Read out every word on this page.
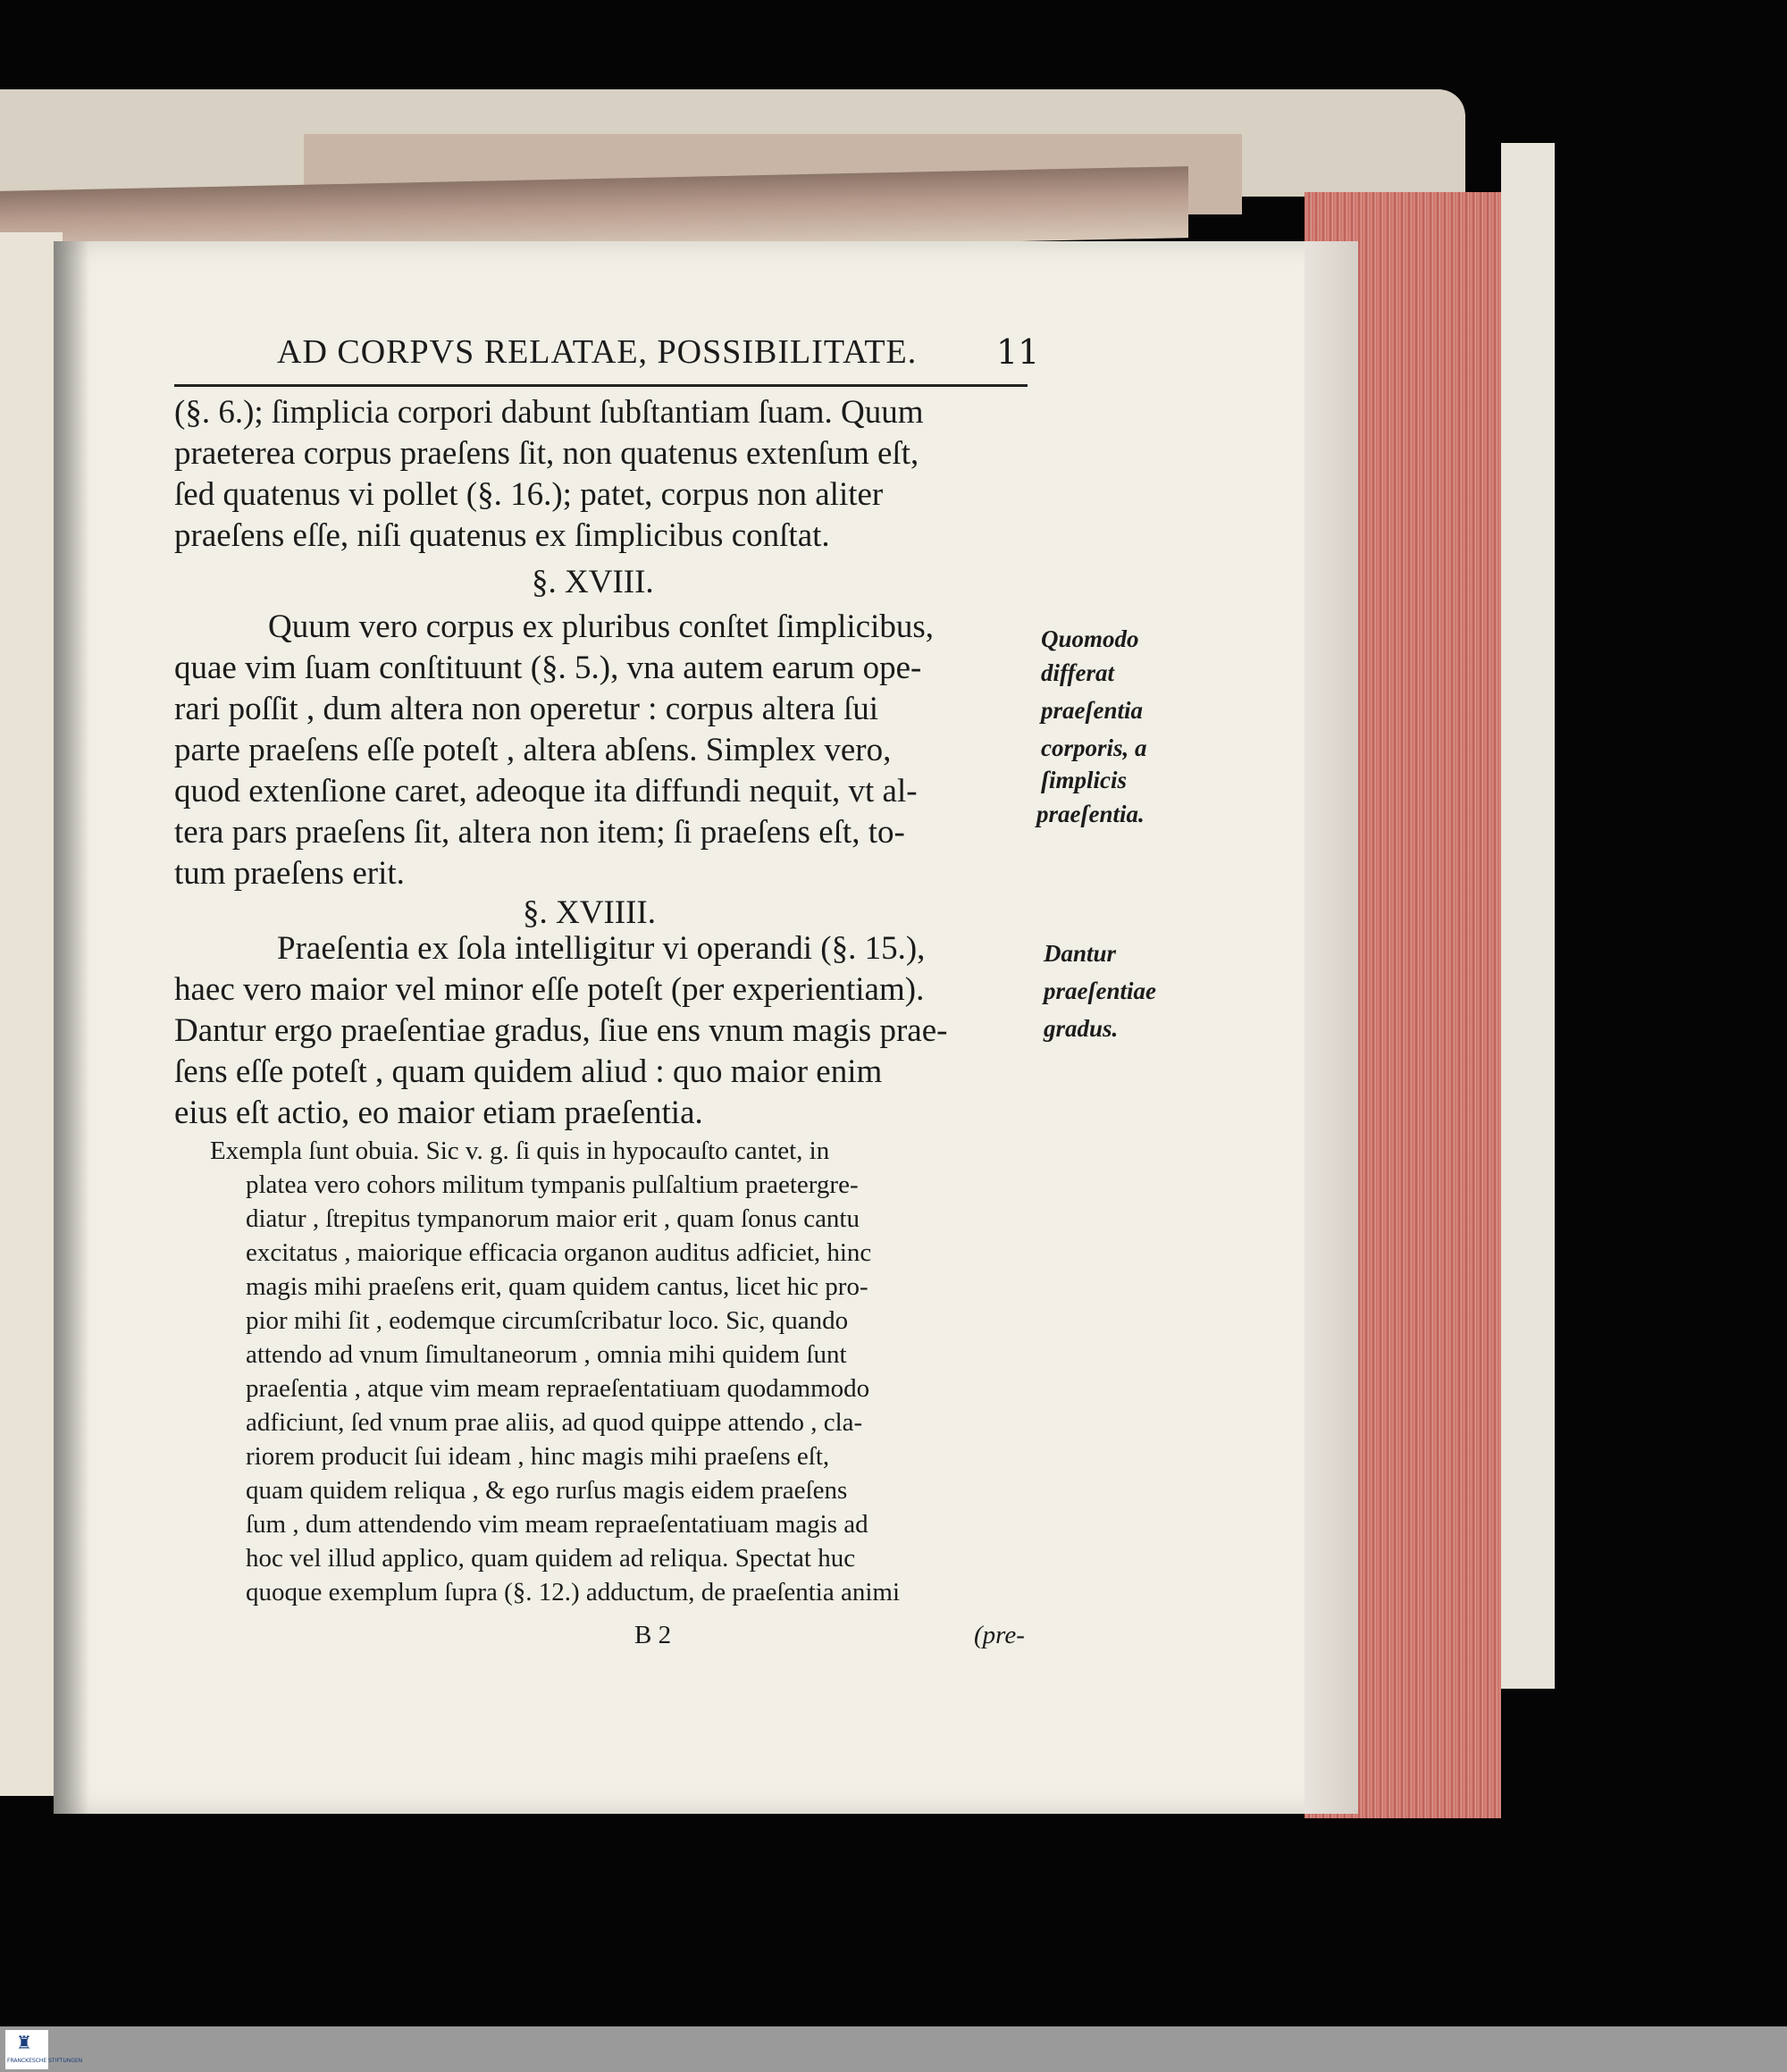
AD CORPVS RELATAE, POSSIBILITATE. 11
(§. 6.); ſimplicia corpori dabunt ſubſtantiam ſuam. Quum
praeterea corpus praeſens ſit, non quatenus extenſum eſt,
ſed quatenus vi pollet (§. 16.); patet, corpus non aliter
praeſens eſſe, niſi quatenus ex ſimplicibus conſtat.
§. XVIII.
Quum vero corpus ex pluribus conſtet ſimplicibus,
quae vim ſuam conſtituunt (§. 5.), vna autem earum ope-
rari poſſit , dum altera non operetur : corpus altera ſui
parte praeſens eſſe poteſt , altera abſens. Simplex vero,
quod extenſione caret, adeoque ita diffundi nequit, vt al-
tera pars praeſens ſit, altera non item; ſi praeſens eſt, to-
tum praeſens erit.
Quomodo
differat
praeſentia
corporis, a
ſimplicis
praeſentia.
§. XVIIII.
Praeſentia ex ſola intelligitur vi operandi (§. 15.),
haec vero maior vel minor eſſe poteſt (per experientiam).
Dantur ergo praeſentiae gradus, ſiue ens vnum magis prae-
ſens eſſe poteſt , quam quidem aliud : quo maior enim
eius eſt actio, eo maior etiam praeſentia.
Dantur
praeſentiae
gradus.
Exempla ſunt obuia. Sic v. g. ſi quis in hypocauſto cantet, in
platea vero cohors militum tympanis pulſaltium praetergre-
diatur , ſtrepitus tympanorum maior erit , quam ſonus cantu
excitatus , maiorique efficacia organon auditus adficiet, hinc
magis mihi praeſens erit, quam quidem cantus, licet hic pro-
pior mihi ſit , eodemque circumſcribatur loco. Sic, quando
attendo ad vnum ſimultaneorum , omnia mihi quidem ſunt
praeſentia , atque vim meam repraeſentatiuam quodammodo
adficiunt, ſed vnum prae aliis, ad quod quippe attendo , cla-
riorem producit ſui ideam , hinc magis mihi praeſens eſt,
quam quidem reliqua , & ego rurſus magis eidem praeſens
ſum , dum attendendo vim meam repraeſentatiuam magis ad
hoc vel illud applico, quam quidem ad reliqua. Spectat huc
quoque exemplum ſupra (§. 12.) adductum, de praeſentia animi
B 2	(pre-
♜
FRANCKESCHE STIFTUNGEN
